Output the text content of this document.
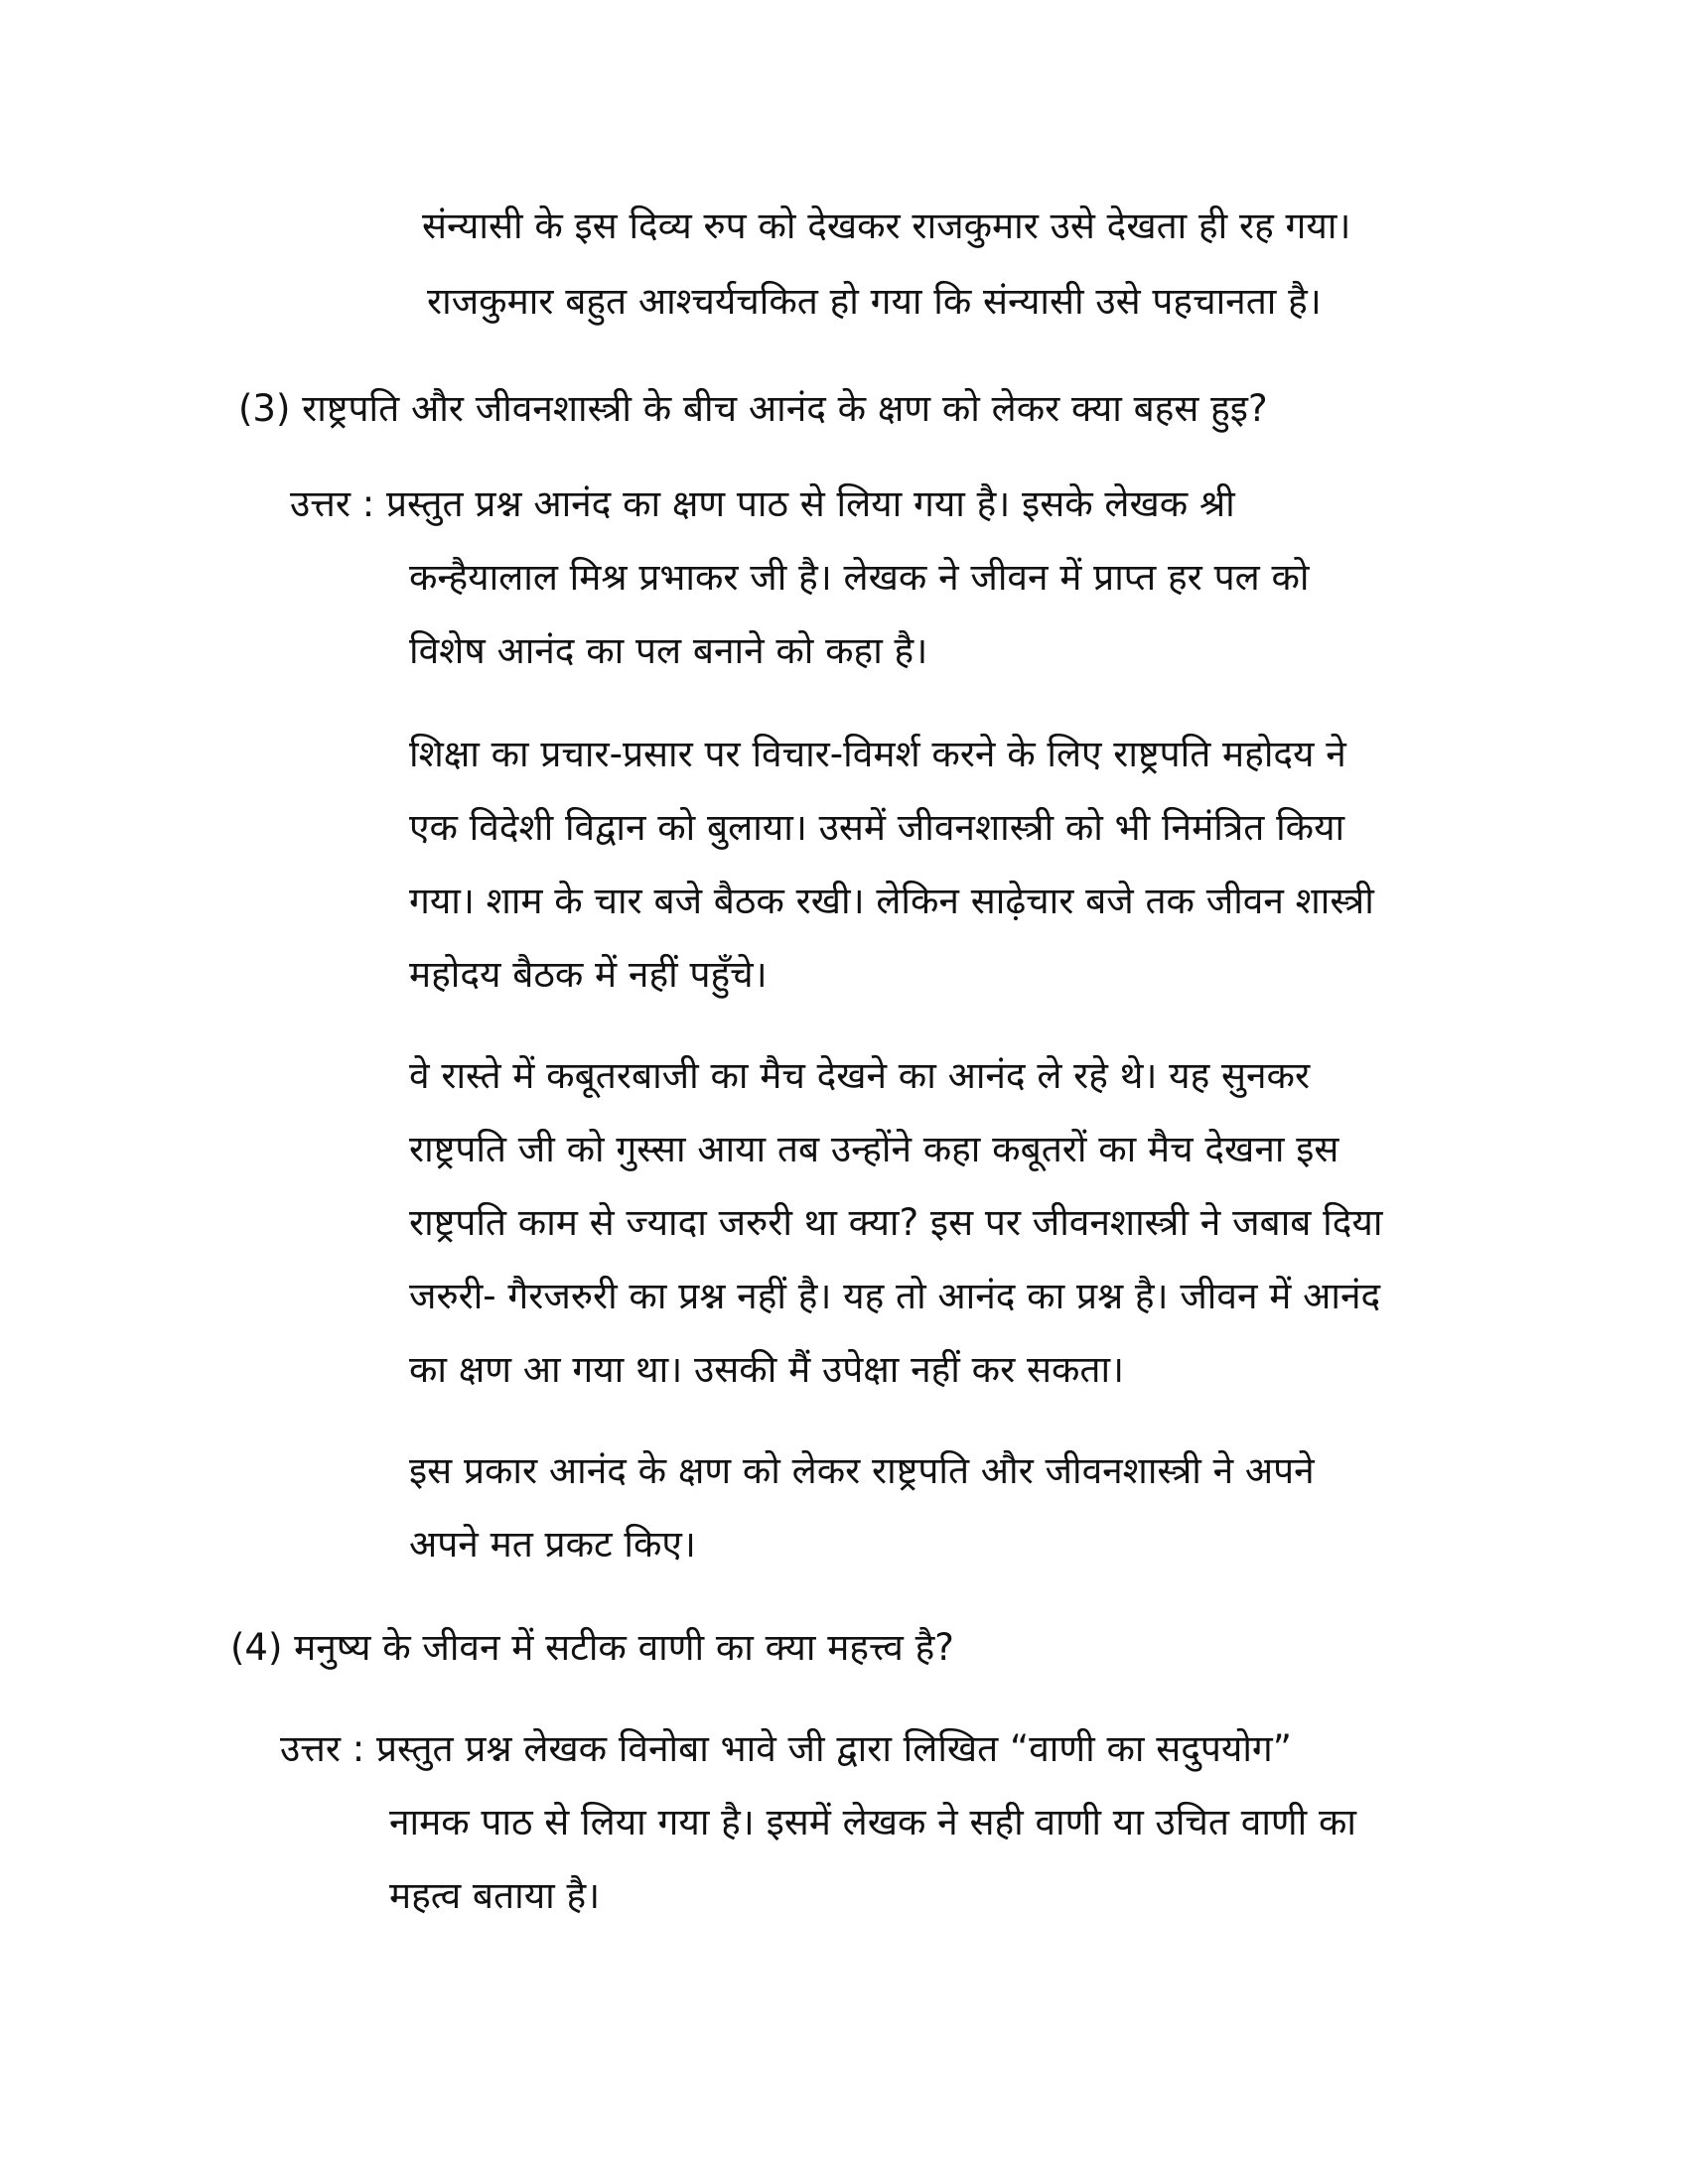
संन्यासी के इस दिव्य रुप को देखकर राजकुमार उसे देखता ही रह गया।
राजकुमार बहुत आश्चर्यचकित हो गया कि संन्यासी उसे पहचानता है।
(3) राष्ट्रपति और जीवनशास्त्री के बीच आनंद के क्षण को लेकर क्या बहस हुइ?
उत्तर : प्रस्तुत प्रश्न आनंद का क्षण पाठ से लिया गया है। इसके लेखक श्री
कन्हैयालाल मिश्र प्रभाकर जी है। लेखक ने जीवन में प्राप्त हर पल को
विशेष आनंद का पल बनाने को कहा है।
शिक्षा का प्रचार-प्रसार पर विचार-विमर्श करने के लिए राष्ट्रपति महोदय ने
एक विदेशी विद्वान को बुलाया। उसमें जीवनशास्त्री को भी निमंत्रित किया
गया। शाम के चार बजे बैठक रखी। लेकिन साढ़ेचार बजे तक जीवन शास्त्री
महोदय बैठक में नहीं पहुँचे।
वे रास्ते में कबूतरबाजी का मैच देखने का आनंद ले रहे थे। यह सुनकर
राष्ट्रपति जी को गुस्सा आया तब उन्होंने कहा कबूतरों का मैच देखना इस
राष्ट्रपति काम से ज्यादा जरुरी था क्या? इस पर जीवनशास्त्री ने जबाब दिया
जरुरी- गैरजरुरी का प्रश्न नहीं है। यह तो आनंद का प्रश्न है। जीवन में आनंद
का क्षण आ गया था। उसकी मैं उपेक्षा नहीं कर सकता।
इस प्रकार आनंद के क्षण को लेकर राष्ट्रपति और जीवनशास्त्री ने अपने
अपने मत प्रकट किए।
(4) मनुष्य के जीवन में सटीक वाणी का क्या महत्त्व है?
उत्तर : प्रस्तुत प्रश्न लेखक विनोबा भावे जी द्वारा लिखित “वाणी का सदुपयोग”
नामक पाठ से लिया गया है। इसमें लेखक ने सही वाणी या उचित वाणी का
महत्व बताया है।
